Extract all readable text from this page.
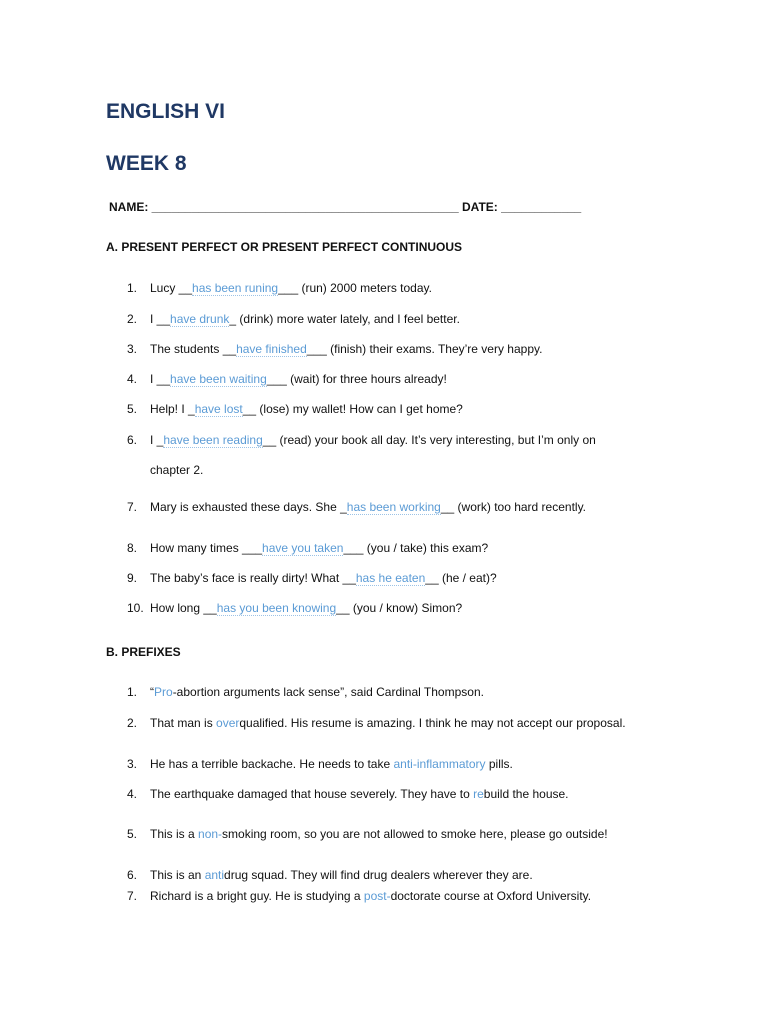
ENGLISH VI
WEEK 8
NAME: ______________________________________________ DATE: ____________
A. PRESENT PERFECT OR PRESENT PERFECT CONTINUOUS
1. Lucy __has been runing___ (run) 2000 meters today.
2. I __have drunk_ (drink) more water lately, and I feel better.
3. The students __have finished___ (finish) their exams. They’re very happy.
4. I __have been waiting___ (wait) for three hours already!
5. Help! I _have lost__ (lose) my wallet! How can I get home?
6. I _have been reading__ (read) your book all day. It’s very interesting, but I’m only on
chapter 2.
7. Mary is exhausted these days. She _has been working__ (work) too hard recently.
8. How many times ___have you taken___ (you / take) this exam?
9. The baby’s face is really dirty! What __has he eaten__ (he / eat)?
10. How long __has you been knowing__ (you / know) Simon?
B. PREFIXES
1. “Pro-abortion arguments lack sense”, said Cardinal Thompson.
2. That man is overqualified. His resume is amazing. I think he may not accept our proposal.
3. He has a terrible backache. He needs to take anti-inflammatory pills.
4. The earthquake damaged that house severely. They have to rebuild the house.
5. This is a non-smoking room, so you are not allowed to smoke here, please go outside!
6. This is an antidrug squad. They will find drug dealers wherever they are.
7. Richard is a bright guy. He is studying a post-doctorate course at Oxford University.
